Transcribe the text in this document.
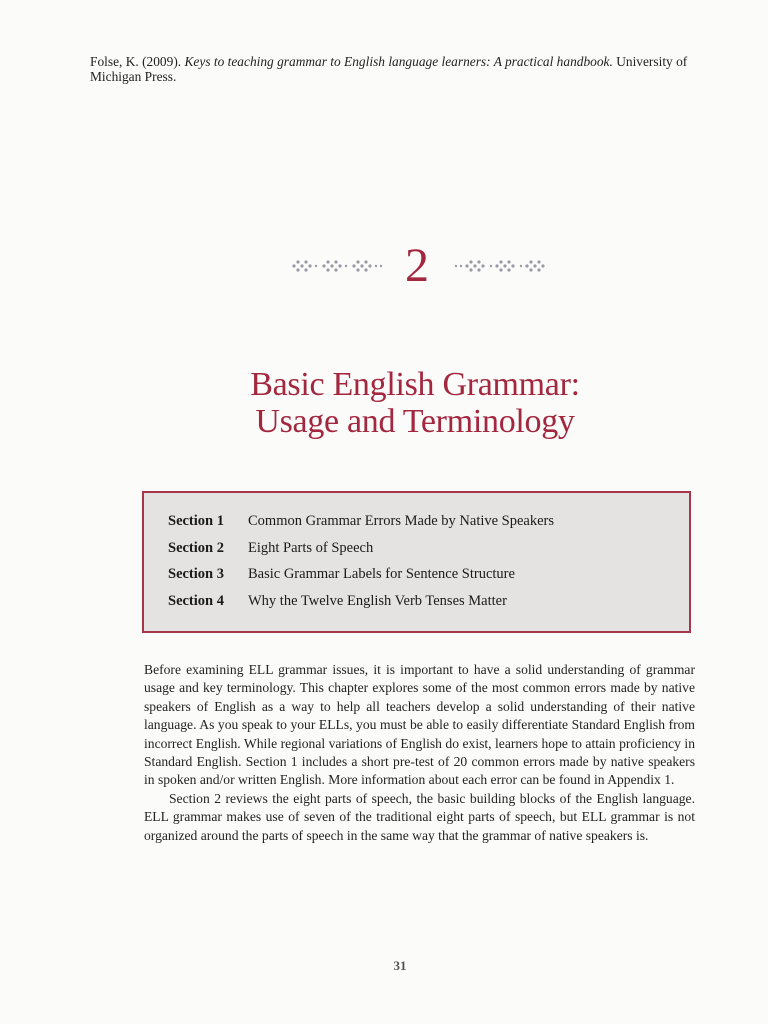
Folse, K. (2009). Keys to teaching grammar to English language learners: A practical handbook. University of Michigan Press.
2
Basic English Grammar:
Usage and Terminology
Section 1 Common Grammar Errors Made by Native Speakers
Section 2 Eight Parts of Speech
Section 3 Basic Grammar Labels for Sentence Structure
Section 4 Why the Twelve English Verb Tenses Matter

Before examining ELL grammar issues, it is important to have a solid understanding of grammar usage and key terminology. This chapter explores some of the most common errors made by native speakers of English as a way to help all teachers develop a solid understanding of their native language. As you speak to your ELLs, you must be able to easily differentiate Standard English from incorrect English. While regional variations of English do exist, learners hope to attain proficiency in Standard English. Section 1 includes a short pre-test of 20 common errors made by native speakers in spoken and/or written English. More information about each error can be found in Appendix 1.

Section 2 reviews the eight parts of speech, the basic building blocks of the English language. ELL grammar makes use of seven of the traditional eight parts of speech, but ELL grammar is not organized around the parts of speech in the same way that the grammar of native speakers is.

31
